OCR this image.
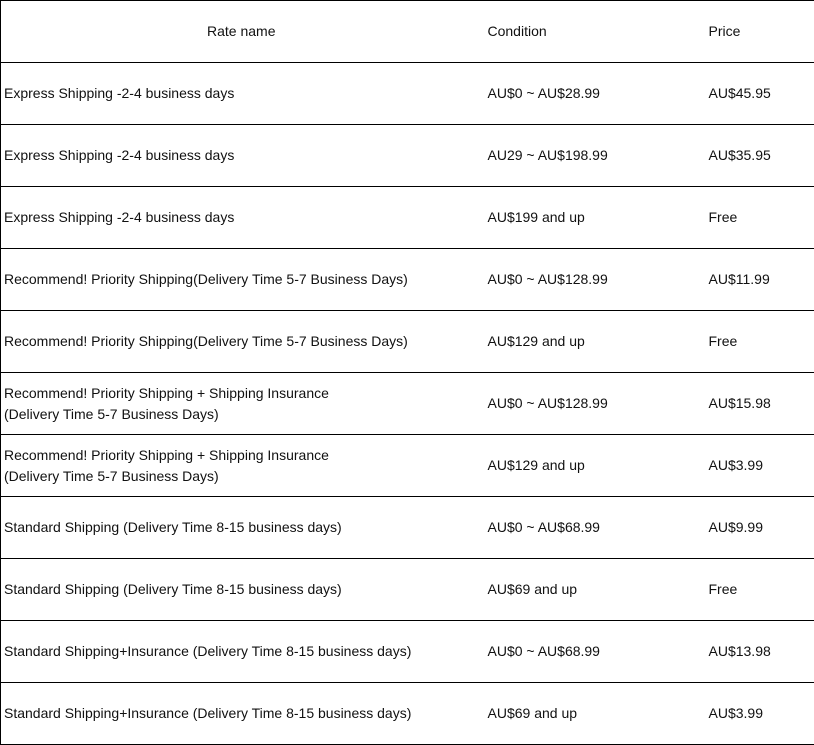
Rate name	Condition	Price
Express Shipping -2-4 business days	AU$0 ~ AU$28.99	AU$45.95
Express Shipping -2-4 business days	AU29 ~ AU$198.99	AU$35.95
Express Shipping -2-4 business days	AU$199 and up	Free
Recommend! Priority Shipping(Delivery Time 5-7 Business Days)	AU$0 ~ AU$128.99	AU$11.99
Recommend! Priority Shipping(Delivery Time 5-7 Business Days)	AU$129 and up	Free
Recommend! Priority Shipping + Shipping Insurance
(Delivery Time 5-7 Business Days)	AU$0 ~ AU$128.99	AU$15.98
Recommend! Priority Shipping + Shipping Insurance
(Delivery Time 5-7 Business Days)	AU$129 and up	AU$3.99
Standard Shipping (Delivery Time 8-15 business days)	AU$0 ~ AU$68.99	AU$9.99
Standard Shipping (Delivery Time 8-15 business days)	AU$69 and up	Free
Standard Shipping+Insurance (Delivery Time 8-15 business days)	AU$0 ~ AU$68.99	AU$13.98
Standard Shipping+Insurance (Delivery Time 8-15 business days)	AU$69 and up	AU$3.99
